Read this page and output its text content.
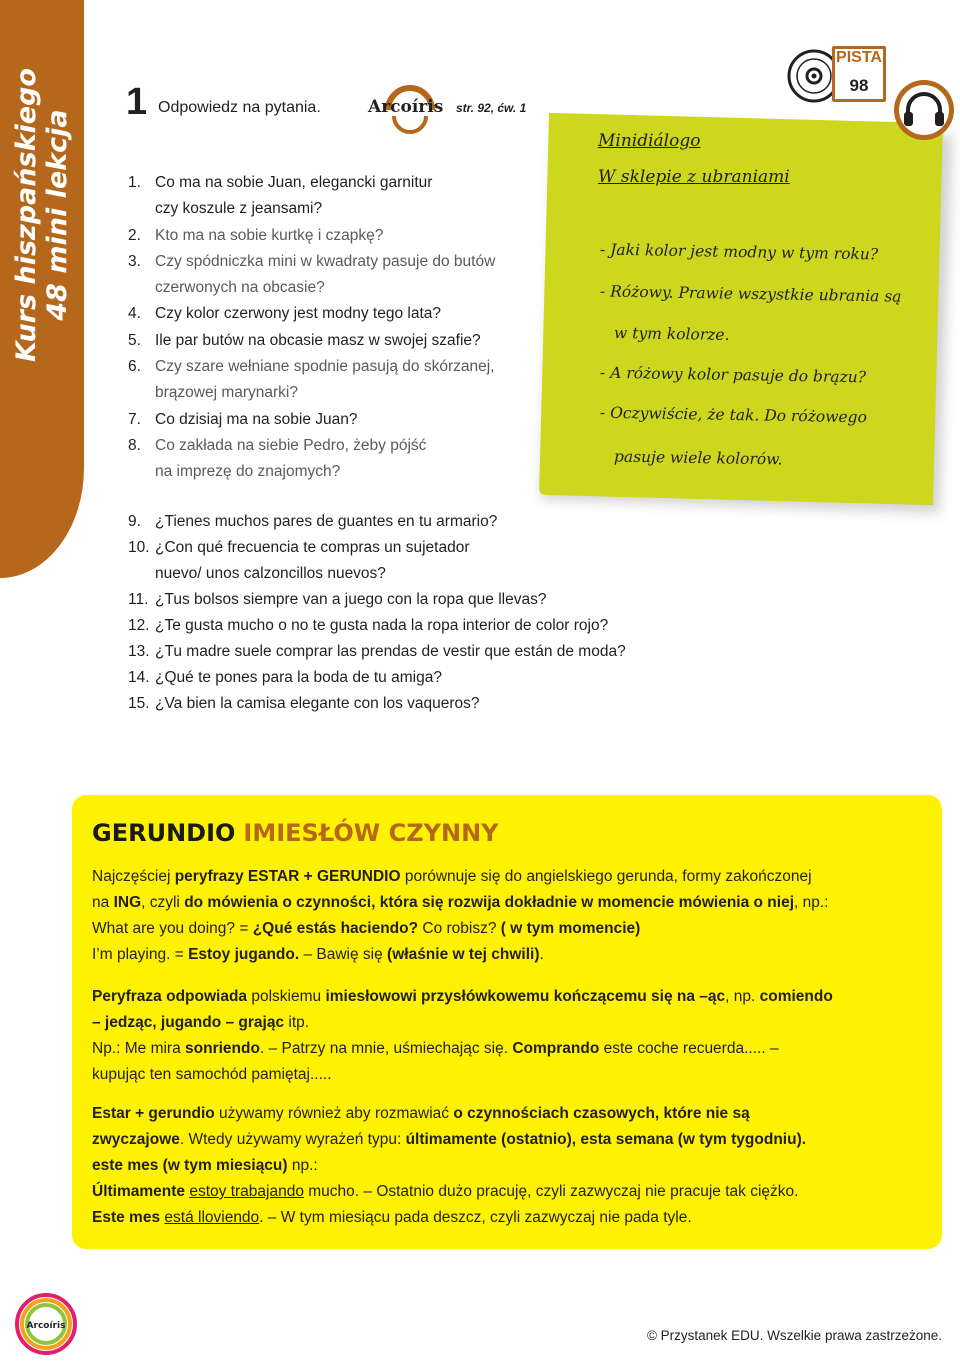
Kurs hiszpańskiego 48 mini lekcja
1 Odpowiedz na pytania.	Arcoíris str. 92, ćw. 1
1. Co ma na sobie Juan, elegancki garnitur
czy koszule z jeansami?
2. Kto ma na sobie kurtkę i czapkę?
3. Czy spódniczka mini w kwadraty pasuje do butów
czerwonych na obcasie?
4. Czy kolor czerwony jest modny tego lata?
5. Ile par butów na obcasie masz w swojej szafie?
6. Czy szare wełniane spodnie pasują do skórzanej,
brązowej marynarki?
7. Co dzisiaj ma na sobie Juan?
8. Co zakłada na siebie Pedro, żeby pójść
na imprezę do znajomych?
Minidiálogo
W sklepie z ubraniami
- Jaki kolor jest modny w tym roku?
- Różowy. Prawie wszystkie ubrania są
w tym kolorze.
- A różowy kolor pasuje do brązu?
- Oczywiście, że tak. Do różowego
pasuje wiele kolorów.
PISTA
98
9. ¿Tienes muchos pares de guantes en tu armario?
10. ¿Con qué frecuencia te compras un sujetador
nuevo/ unos calzoncillos nuevos?
11. ¿Tus bolsos siempre van a juego con la ropa que llevas?
12. ¿Te gusta mucho o no te gusta nada la ropa interior de color rojo?
13. ¿Tu madre suele comprar las prendas de vestir que están de moda?
14. ¿Qué te pones para la boda de tu amiga?
15. ¿Va bien la camisa elegante con los vaqueros?
GERUNDIO IMIESŁÓW CZYNNY
Najczęściej peryfrazy ESTAR + GERUNDIO porównuje się do angielskiego gerunda, formy zakończonej
na ING, czyli do mówienia o czynności, która się rozwija dokładnie w momencie mówienia o niej, np.:
What are you doing? = ¿Qué estás haciendo? Co robisz? ( w tym momencie)
I’m playing. = Estoy jugando. – Bawię się (właśnie w tej chwili).
Peryfraza odpowiada polskiemu imiesłowowi przysłówkowemu kończącemu się na –ąc, np. comiendo
– jedząc, jugando – grając itp.
Np.: Me mira sonriendo. – Patrzy na mnie, uśmiechając się. Comprando este coche recuerda..... –
kupując ten samochód pamiętaj.....
Estar + gerundio używamy również aby rozmawiać o czynnościach czasowych, które nie są
zwyczajowe. Wtedy używamy wyrażeń typu: últimamente (ostatnio), esta semana (w tym tygodniu).
este mes (w tym miesiącu) np.:
Últimamente estoy trabajando mucho. – Ostatnio dużo pracuję, czyli zazwyczaj nie pracuje tak ciężko.
Este mes está lloviendo. – W tym miesiącu pada deszcz, czyli zazwyczaj nie pada tyle.
Arcoíris
© Przystanek EDU. Wszelkie prawa zastrzeżone.
